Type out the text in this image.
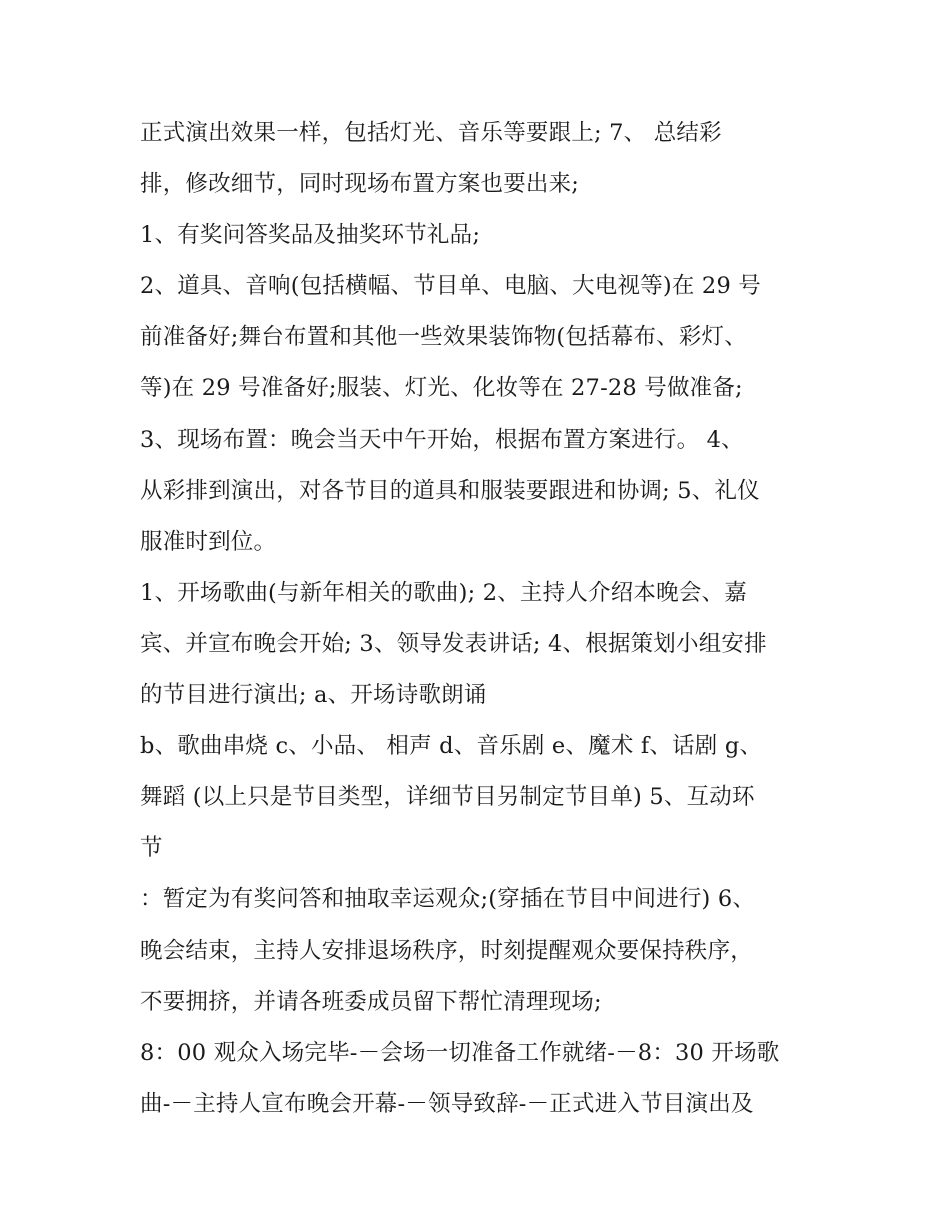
正式演出效果一样，包括灯光、音乐等要跟上; 7、 总结彩
排，修改细节，同时现场布置方案也要出来;
1、有奖问答奖品及抽奖环节礼品;
2、道具、音响(包括横幅、节目单、电脑、大电视等)在 29 号
前准备好;舞台布置和其他一些效果装饰物(包括幕布、彩灯、
等)在 29 号准备好;服装、灯光、化妆等在 27-28 号做准备;
3、现场布置：晚会当天中午开始，根据布置方案进行。 4、
从彩排到演出，对各节目的道具和服装要跟进和协调; 5、礼仪
服准时到位。
1、开场歌曲(与新年相关的歌曲); 2、主持人介绍本晚会、嘉
宾、并宣布晚会开始; 3、领导发表讲话; 4、根据策划小组安排
的节目进行演出; a、开场诗歌朗诵
b、歌曲串烧 c、小品、 相声 d、音乐剧 e、魔术 f、话剧 g、
舞蹈 (以上只是节目类型，详细节目另制定节目单) 5、互动环
节
：暂定为有奖问答和抽取幸运观众;(穿插在节目中间进行) 6、
晚会结束，主持人安排退场秩序，时刻提醒观众要保持秩序，
不要拥挤，并请各班委成员留下帮忙清理现场;
8：00 观众入场完毕-－会场一切准备工作就绪-－8：30 开场歌
曲-－主持人宣布晚会开幕-－领导致辞-－正式进入节目演出及
